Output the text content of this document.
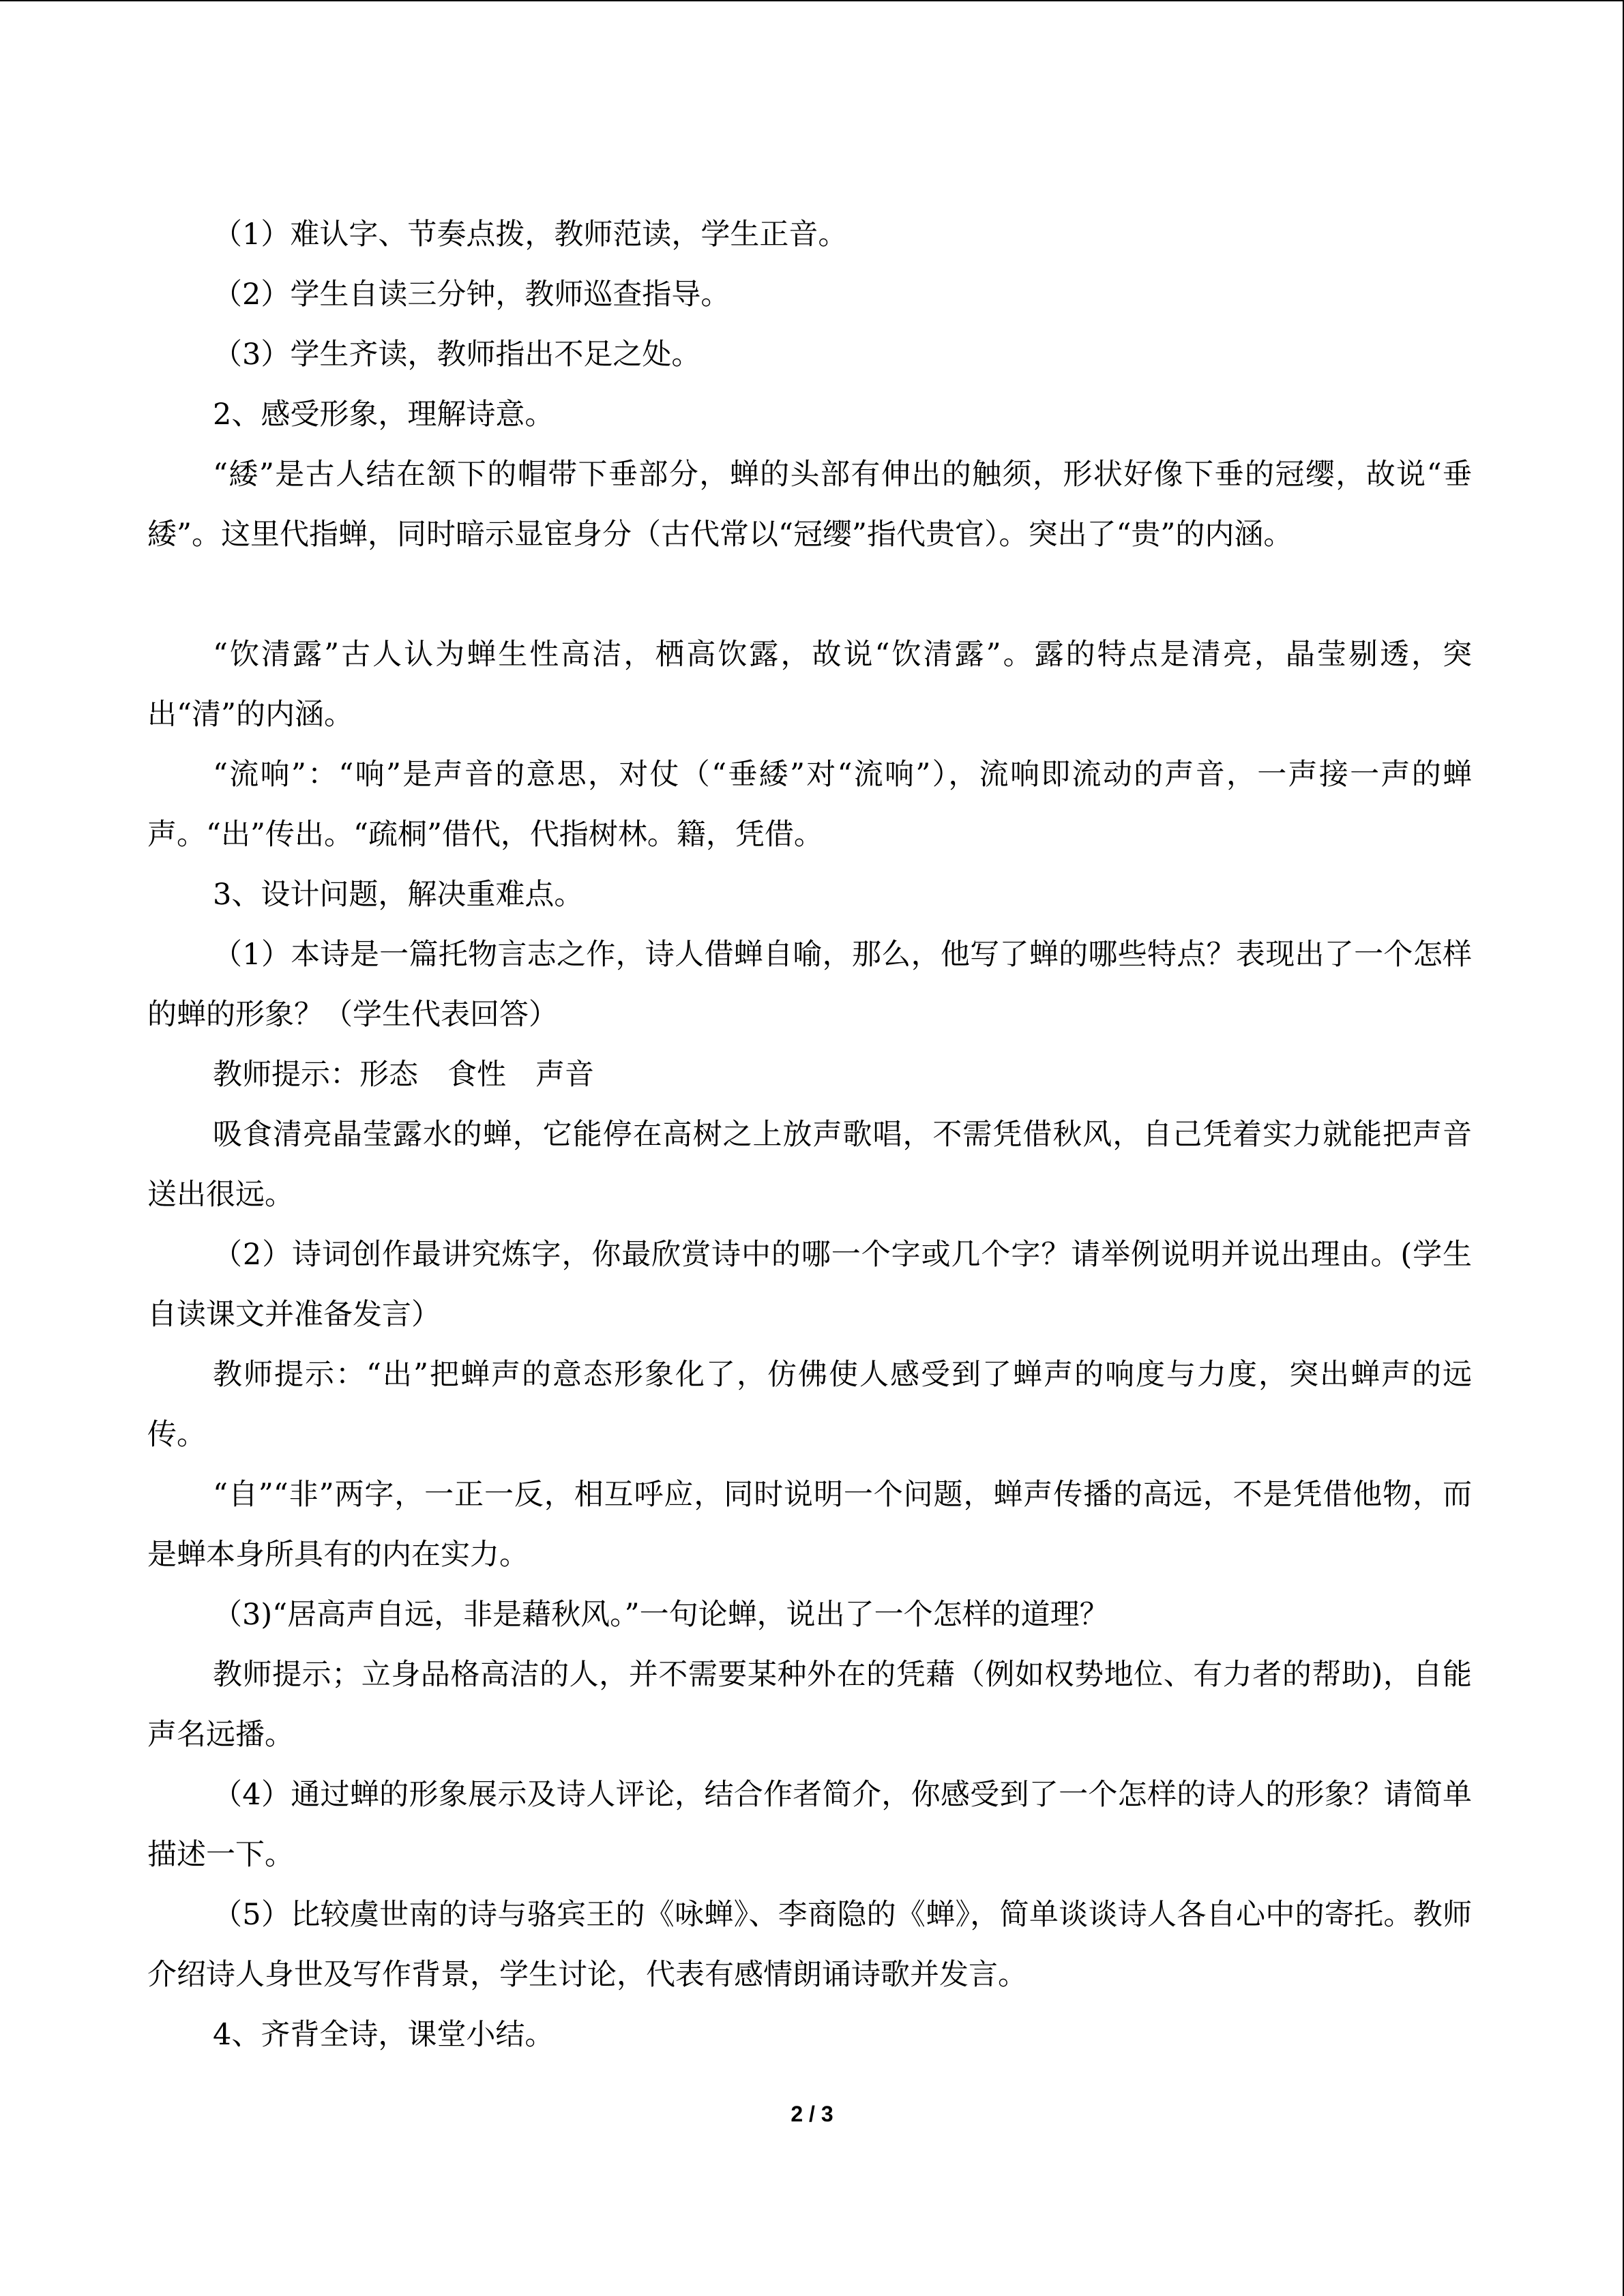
（1）难认字、节奏点拨，教师范读，学生正音。

（2）学生自读三分钟，教师巡查指导。

（3）学生齐读，教师指出不足之处。

2、感受形象，理解诗意。

“緌”是古人结在颔下的帽带下垂部分，蝉的头部有伸出的触须，形状好像下垂的冠缨，故说“垂緌”。这里代指蝉，同时暗示显宦身分（古代常以“冠缨”指代贵官）。突出了“贵”的内涵。

“饮清露”古人认为蝉生性高洁，栖高饮露，故说“饮清露”。露的特点是清亮，晶莹剔透，突出“清”的内涵。

“流响”：“响”是声音的意思，对仗（“垂緌”对“流响”），流响即流动的声音，一声接一声的蝉声。“出”传出。“疏桐”借代，代指树林。籍，凭借。

3、设计问题，解决重难点。

（1）本诗是一篇托物言志之作，诗人借蝉自喻，那么，他写了蝉的哪些特点？表现出了一个怎样的蝉的形象？（学生代表回答）

教师提示：形态　食性　声音

吸食清亮晶莹露水的蝉，它能停在高树之上放声歌唱，不需凭借秋风，自己凭着实力就能把声音送出很远。

（2）诗词创作最讲究炼字，你最欣赏诗中的哪一个字或几个字？请举例说明并说出理由。(学生自读课文并准备发言）

教师提示：“出”把蝉声的意态形象化了，仿佛使人感受到了蝉声的响度与力度，突出蝉声的远传。

“自”“非”两字，一正一反，相互呼应，同时说明一个问题，蝉声传播的高远，不是凭借他物，而是蝉本身所具有的内在实力。

（3)“居高声自远，非是藉秋风。”一句论蝉，说出了一个怎样的道理？

教师提示；立身品格高洁的人，并不需要某种外在的凭藉（例如权势地位、有力者的帮助)，自能声名远播。

（4）通过蝉的形象展示及诗人评论，结合作者简介，你感受到了一个怎样的诗人的形象？请简单描述一下。

（5）比较虞世南的诗与骆宾王的《咏蝉》、李商隐的《蝉》，简单谈谈诗人各自心中的寄托。教师介绍诗人身世及写作背景，学生讨论，代表有感情朗诵诗歌并发言。

4、齐背全诗，课堂小结。

2 / 3
